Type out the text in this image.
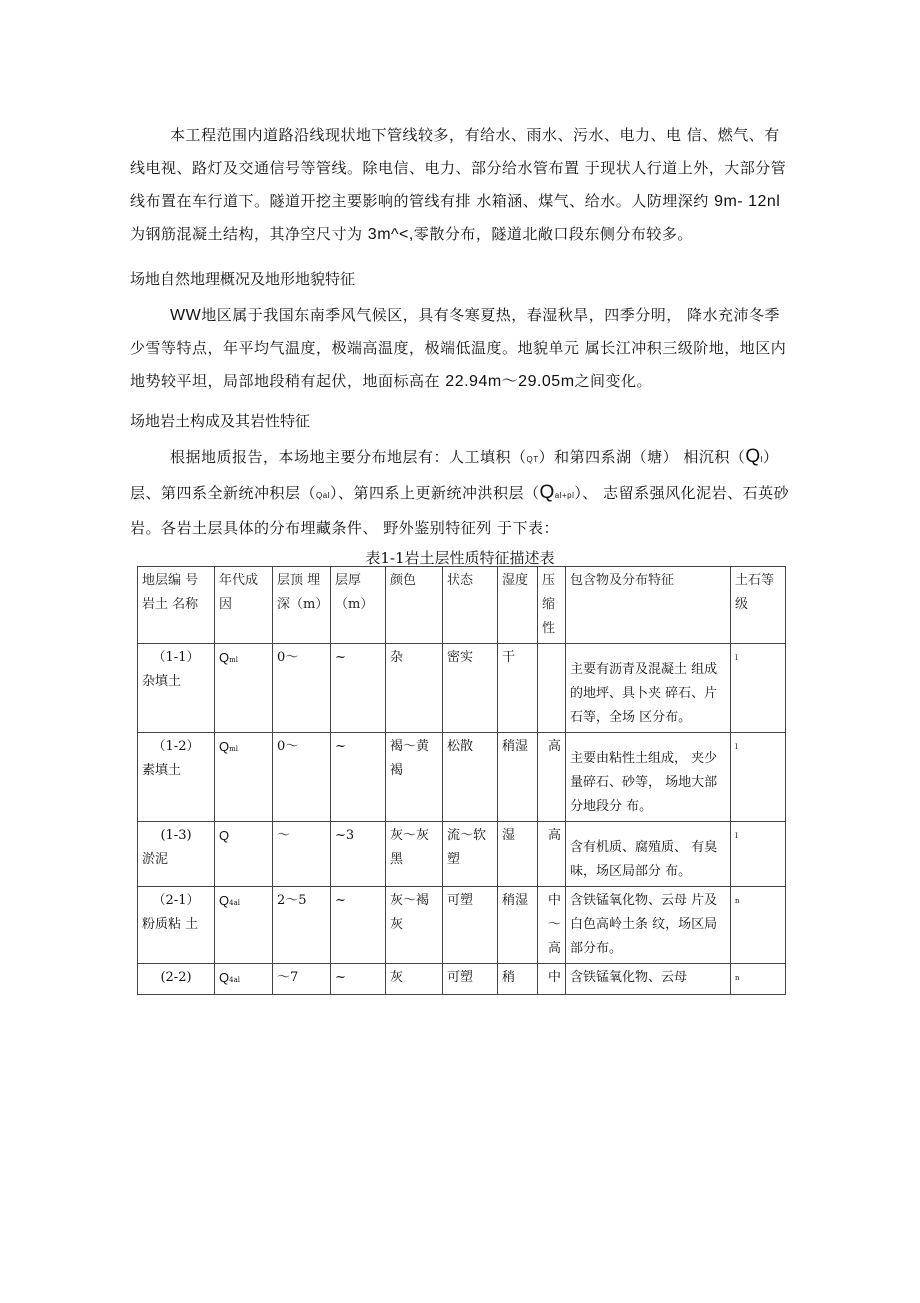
本工程范围内道路沿线现状地下管线较多，有给水、雨水、污水、电力、电 信、燃气、有线电视、路灯及交通信号等管线。除电信、电力、部分给水管布置 于现状人行道上外，大部分管线布置在车行道下。隧道开挖主要影响的管线有排 水箱涵、煤气、给水。人防埋深约 9m- 12nl为钢筋混凝土结构，其净空尺寸为 3m^<,零散分布，隧道北敞口段东侧分布较多。

场地自然地理概况及地形地貌特征

WW地区属于我国东南季风气候区，具有冬寒夏热，春湿秋旱，四季分明， 降水充沛冬季少雪等特点，年平均气温度，极端高温度，极端低温度。地貌单元 属长江冲积三级阶地，地区内地势较平坦，局部地段稍有起伏，地面标高在 22.94m～29.05m之间变化。

场地岩土构成及其岩性特征

根据地质报告，本场地主要分布地层有：人工填积（QT）和第四系湖（塘） 相沉积（Ql）层、第四系全新统冲积层（Qal）、第四系上更新统冲洪积层（Qal+pl）、 志留系强风化泥岩、石英砂岩。各岩土层具体的分布埋藏条件、 野外鉴别特征列 于下表：

表1-1岩土层性质特征描述表
地层编 号岩土 名称	年代成因	层顶 埋深（m）	层厚（m）	颜色	状态	湿度	压缩性	包含物及分布特征	土石等级

（1-1）
杂填土	Qml	0～	~	杂	密实	干		主要有沥青及混凝土 组成的地坪、具卜夹 碎石、片石等，全场 区分布。	I

（1-2）
素填土	Qml	0～	~	褐～黄褐	松散	稍湿	高	主要由粘性土组成， 夹少量碎石、砂等， 场地大部分地段分 布。	I

(1-3)
淤泥	Q	～	~3	灰～灰黑	流～软塑	湿	高	含有机质、腐殖质、 有臭味，场区局部分 布。	I

（2-1）
粉质粘 土	Q4al	2～5	~	灰～褐灰	可塑	稍湿	中～高	含铁锰氧化物、云母 片及白色高岭土条 纹，场区局部分布。	n

(2-2)	Q4al	～7	~	灰	可塑	稍	中	含铁锰氧化物、云母	n
